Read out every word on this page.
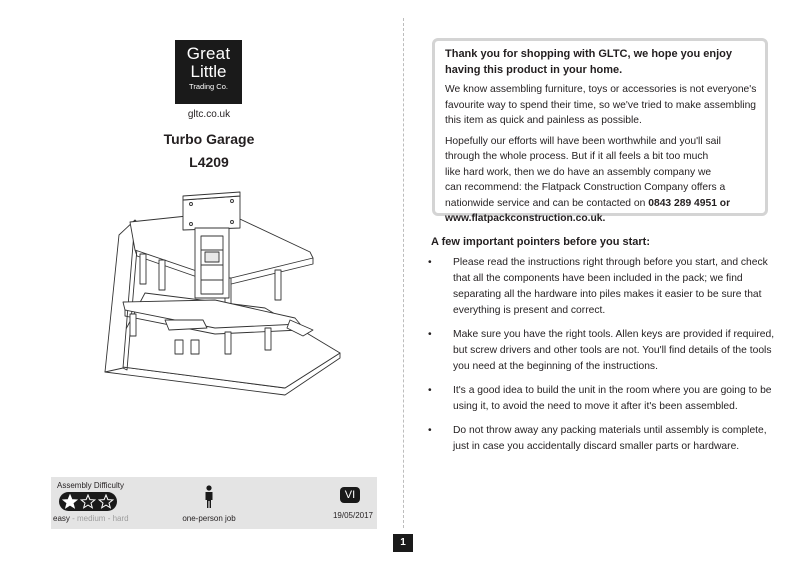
Great
Little
Trading Co.
gltc.co.uk
Turbo Garage
L4209
Assembly Difficulty
easy - medium - hard	one-person job
VI
19/05/2017
1
Thank you for shopping with GLTC, we hope you enjoy
having this product in your home.

We know assembling furniture, toys or accessories is not everyone's
favourite way to spend their time, so we've tried to make assembling
this item as quick and painless as possible.

Hopefully our efforts will have been worthwhile and you'll sail
through the whole process. But if it all feels a bit too much
like hard work, then we do have an assembly company we
can recommend: the Flatpack Construction Company offers a
nationwide service and can be contacted on 0843 289 4951 or
www.flatpackconstruction.co.uk.

A few important pointers before you start:
• Please read the instructions right through before you start, and check
that all the components have been included in the pack; we find
separating all the hardware into piles makes it easier to be sure that
everything is present and correct.
• Make sure you have the right tools. Allen keys are provided if required,
but screw drivers and other tools are not. You'll find details of the tools
you need at the beginning of the instructions.
• It's a good idea to build the unit in the room where you are going to be
using it, to avoid the need to move it after it's been assembled.
• Do not throw away any packing materials until assembly is complete,
just in case you accidentally discard smaller parts or hardware.
